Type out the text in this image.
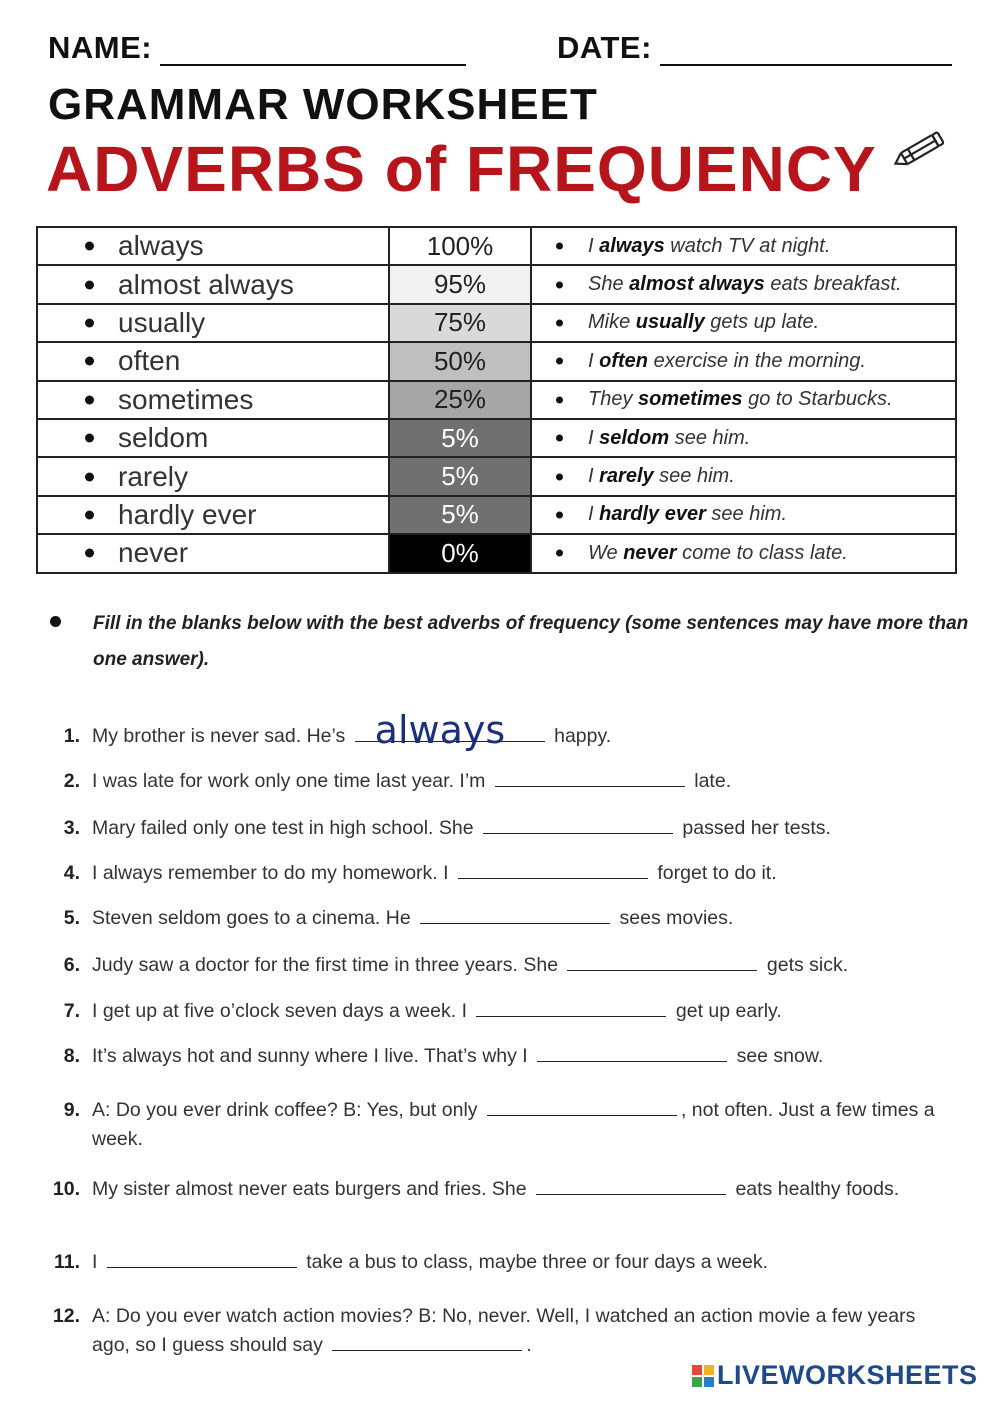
NAME:	DATE:
GRAMMAR WORKSHEET
ADVERBS of FREQUENCY
always	100%	I always watch TV at night.

almost always	95%	She almost always eats breakfast.

usually	75%	Mike usually gets up late.

often	50%	I often exercise in the morning.

sometimes	25%	They sometimes go to Starbucks.

seldom	5%	I seldom see him.

rarely	5%	I rarely see him.

hardly ever	5%	I hardly ever see him.

never	0%	We never come to class late.
Fill in the blanks below with the best adverbs of frequency (some sentences may have more than one answer).
1. My brother is never sad. He’s always	happy.
2. I was late for work only one time last year. I’m	late.
3. Mary failed only one test in high school. She	passed her tests.
4. I always remember to do my homework. I	forget to do it.
5. Steven seldom goes to a cinema. He	sees movies.
6. Judy saw a doctor for the first time in three years. She	gets sick.
7. I get up at five o’clock seven days a week. I	get up early.
8. It’s always hot and sunny where I live. That’s why I	see snow.
9. A: Do you ever drink coffee? B: Yes, but only	, not often. Just a few times a week.
10. My sister almost never eats burgers and fries. She	eats healthy foods.
11. I	take a bus to class, maybe three or four days a week.
12. A: Do you ever watch action movies? B: No, never. Well, I watched an action movie a few years ago, so I guess should say	.
LIVEWORKSHEETS
